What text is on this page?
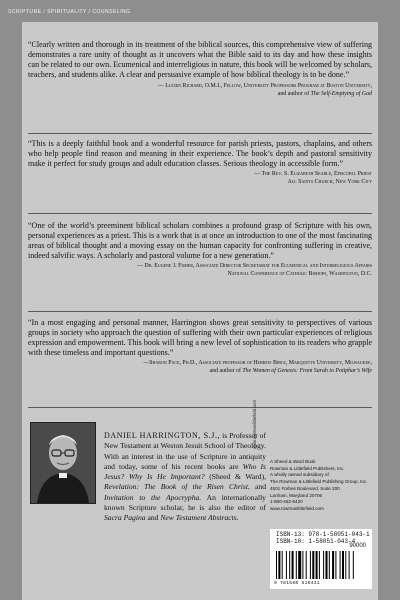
SCRIPTURE / SPIRITUALITY / COUNSELING

“Clearly written and thorough in its treatment of the biblical sources, this comprehensive view of suffering demonstrates a rare unity of thought as it uncovers what the Bible said to its day and how these insights can be related to our own. Ecumenical and interreligious in nature, this book will be welcomed by scholars, teachers, and students alike. A clear and persuasive example of how biblical theology is to be done.”

— Lucien Richard, O.M.I., Fellow, University Professors Program at Boston University,

and author of The Self-Emptying of God

“This is a deeply faithful book and a wonderful resource for parish priests, pastors, chaplains, and others who help people find reason and meaning in their experience. The book’s depth and pastoral sensitivity make it perfect for study groups and adult education classes. Serious theology in accessible form.”

— The Rev. S. Elizabeth Searle, Episcopal Priest

All Saints Church, New York City

“One of the world’s preeminent biblical scholars combines a profound grasp of Scripture with his own, personal experiences as a priest. This is a work that is at once an introduction to one of the most fascinating areas of biblical thought and a moving essay on the human capacity for confronting suffering in creative, indeed salvific ways. A scholarly and pastoral volume for a new generation.”

— Dr. Eugene J. Fisher, Associate Director Secretariat for Ecumenical and Interreligious Affairs

National Conference of Catholic Bishops, Washington, D.C.

“In a most engaging and personal manner, Harrington shows great sensitivity to perspectives of various groups in society who approach the question of suffering with their own particular experiences of religious expression and empowerment. This book will bring a new level of sophistication to its readers who grapple with these timeless and important questions.”

—Sharon Pace, Ph.D., Associate professor of Hebrew Bible, Marquette University, Milwaukee,

and author of The Women of Genesis: From Sarah to Potiphar’s Wife

DANIEL HARRINGTON, S.J., is Professor of New Testament at Weston Jesuit School of Theology. With an interest in the use of Scripture in antiquity and today, some of his recent books are Who Is Jesus? Why Is He Important? (Sheed & Ward), Revelation: The Book of the Risen Christ, and Invitation to the Apocrypha. An internationally known Scripture scholar, he is also the editor of Sacra Pagina and New Testament Abstracts.

www.rowmanlittlefield.com
A Sheed & Ward Book
Rowman & Littlefield Publishers, Inc.
A wholly owned subsidiary of
The Rowman & Littlefield Publishing Group, Inc.
4501 Forbes Boulevard, Suite 200
Lanham, Maryland 20706
1-800-462-6420
www.rowmanlittlefield.com
ISBN-13: 978-1-58051-043-1
ISBN-10: 1-58051-043-4
90000
9 781580 510431
